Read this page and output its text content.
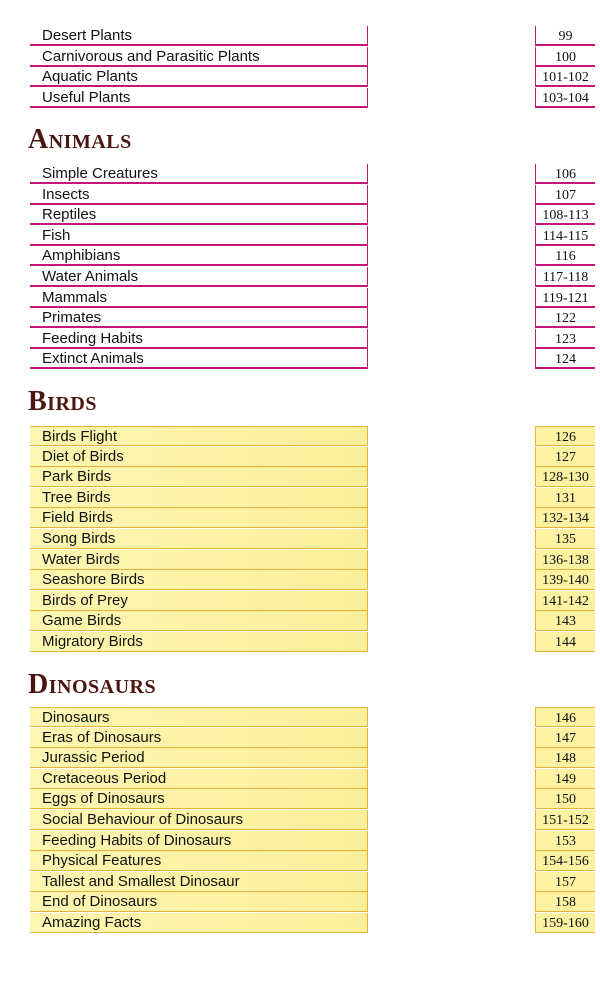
Desert Plants	99
Carnivorous and Parasitic Plants	100
Aquatic Plants	101-102
Useful Plants	103-104
Animals
Simple Creatures	106
Insects	107
Reptiles	108-113
Fish	114-115
Amphibians	116
Water Animals	117-118
Mammals	119-121
Primates	122
Feeding Habits	123
Extinct Animals	124
Birds
Birds Flight	126
Diet of Birds	127
Park Birds	128-130
Tree Birds	131
Field Birds	132-134
Song Birds	135
Water Birds	136-138
Seashore Birds	139-140
Birds of Prey	141-142
Game Birds	143
Migratory Birds	144
Dinosaurs
Dinosaurs	146
Eras of Dinosaurs	147
Jurassic Period	148
Cretaceous Period	149
Eggs of Dinosaurs	150
Social Behaviour of Dinosaurs	151-152
Feeding Habits of Dinosaurs	153
Physical Features	154-156
Tallest and Smallest Dinosaur	157
End of Dinosaurs	158
Amazing Facts	159-160
